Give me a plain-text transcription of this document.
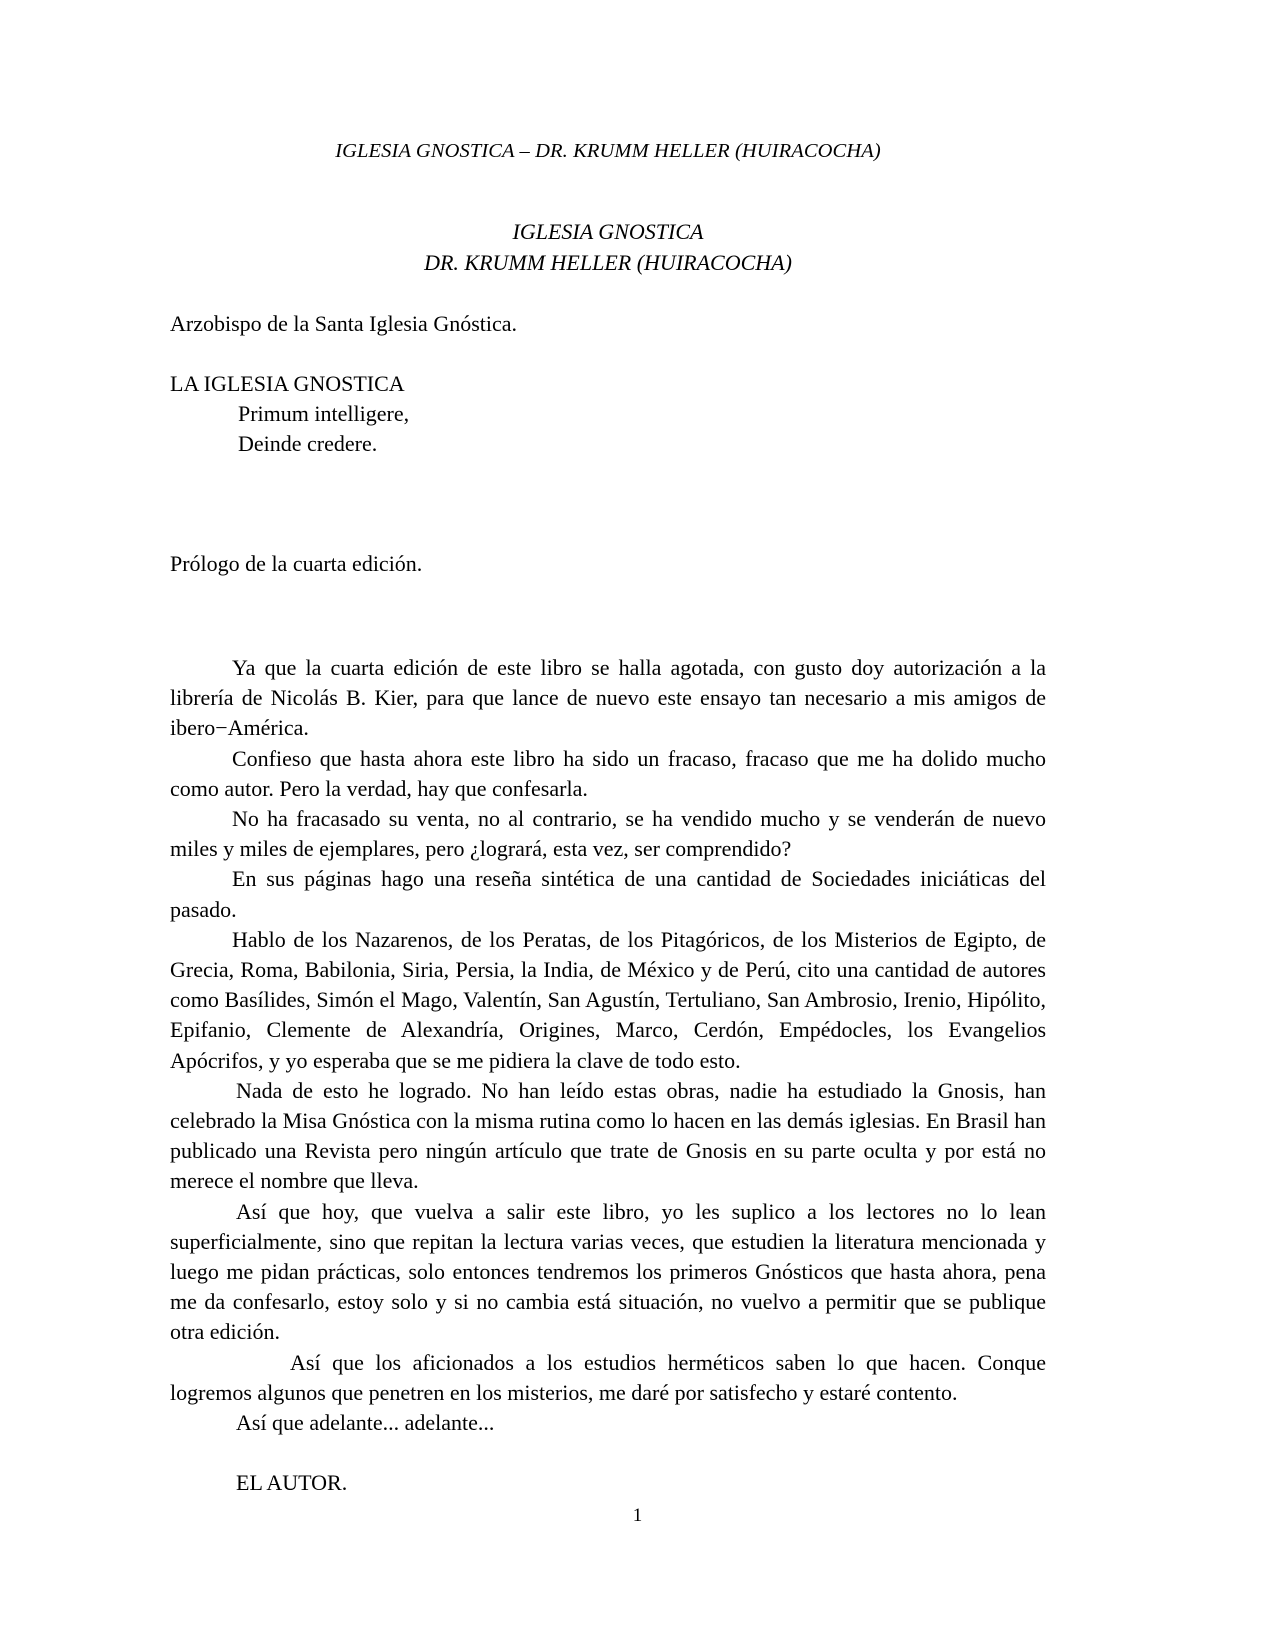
IGLESIA GNOSTICA – DR. KRUMM HELLER (HUIRACOCHA)
IGLESIA GNOSTICA
DR. KRUMM HELLER (HUIRACOCHA)
Arzobispo de la Santa Iglesia Gnóstica.
LA IGLESIA GNOSTICA
Primum intelligere,
Deinde credere.
Prólogo de la cuarta edición.

Ya que la cuarta edición de este libro se halla agotada, con gusto doy autorización a la librería de Nicolás B. Kier, para que lance de nuevo este ensayo tan necesario a mis amigos de ibero−América.

Confieso que hasta ahora este libro ha sido un fracaso, fracaso que me ha dolido mucho como autor. Pero la verdad, hay que confesarla.

No ha fracasado su venta, no al contrario, se ha vendido mucho y se venderán de nuevo miles y miles de ejemplares, pero ¿logrará, esta vez, ser comprendido?

En sus páginas hago una reseña sintética de una cantidad de Sociedades iniciáticas del pasado.

Hablo de los Nazarenos, de los Peratas, de los Pitagóricos, de los Misterios de Egipto, de Grecia, Roma, Babilonia, Siria, Persia, la India, de México y de Perú, cito una cantidad de autores como Basílides, Simón el Mago, Valentín, San Agustín, Tertuliano, San Ambrosio, Irenio, Hipólito, Epifanio, Clemente de Alexandría, Origines, Marco, Cerdón, Empédocles, los Evangelios Apócrifos, y yo esperaba que se me pidiera la clave de todo esto.

Nada de esto he logrado. No han leído estas obras, nadie ha estudiado la Gnosis, han celebrado la Misa Gnóstica con la misma rutina como lo hacen en las demás iglesias. En Brasil han publicado una Revista pero ningún artículo que trate de Gnosis en su parte oculta y por está no merece el nombre que lleva.

Así que hoy, que vuelva a salir este libro, yo les suplico a los lectores no lo lean superficialmente, sino que repitan la lectura varias veces, que estudien la literatura mencionada y luego me pidan prácticas, solo entonces tendremos los primeros Gnósticos que hasta ahora, pena me da confesarlo, estoy solo y si no cambia está situación, no vuelvo a permitir que se publique otra edición.

Así que los aficionados a los estudios herméticos saben lo que hacen. Conque logremos algunos que penetren en los misterios, me daré por satisfecho y estaré contento.

Así que adelante... adelante...

EL AUTOR.
1
